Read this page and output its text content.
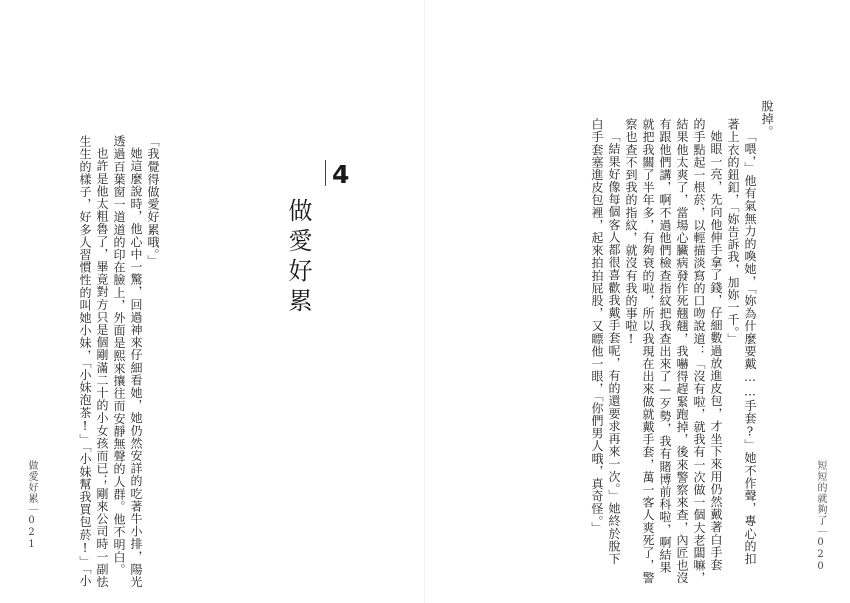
短短的就夠了｜020
脫掉。
「喂，」他有氣無力的喚她，「妳為什麼要戴……手套?」她不作聲，專心的扣
著上衣的鈕釦，「妳告訴我，加妳一千。」
她眼一亮，先向他伸手拿了錢，仔細數過放進皮包，才坐下來用仍然戴著白手套
的手點起一根菸，以輕描淡寫的口吻說道：「沒有啦，就我有一次做一個大老闆嘛，
結果他太爽了，當場心臟病發作死翹翹，我嚇得趕緊跑掉，後來警察來查，內匠也沒
有跟他們講，啊不過他們檢查指紋把我查出來了—歹勢，我有賭博前科啦，啊結果
就把我關了半年多，有夠衰的啦，所以我現在出來做就戴手套，萬一客人爽死了，警
察也查不到我的指紋，就沒有我的事啦!
「結果好像每個客人都很喜歡我戴手套呢，有的還要求再來一次。」她終於脫下
白手套塞進皮包裡，起來拍拍屁股，又瞟他一眼，「你們男人哦，真奇怪。」
4
做愛好累
「我覺得做愛好累哦。」
她這麼說時，他心中一驚，回過神來仔細看她，她仍然安詳的吃著牛小排，陽光
透過百葉窗一道道的印在臉上，外面是熙來攘往而安靜無聲的人群。他不明白。
也許是他太粗魯了，畢竟對方只是個剛滿二十的小女孩而已；剛來公司時一副怯
生生的樣子，好多人習慣性的叫她小妹，「小妹泡茶!」「小妹幫我買包菸!」「小
做愛好累｜021
